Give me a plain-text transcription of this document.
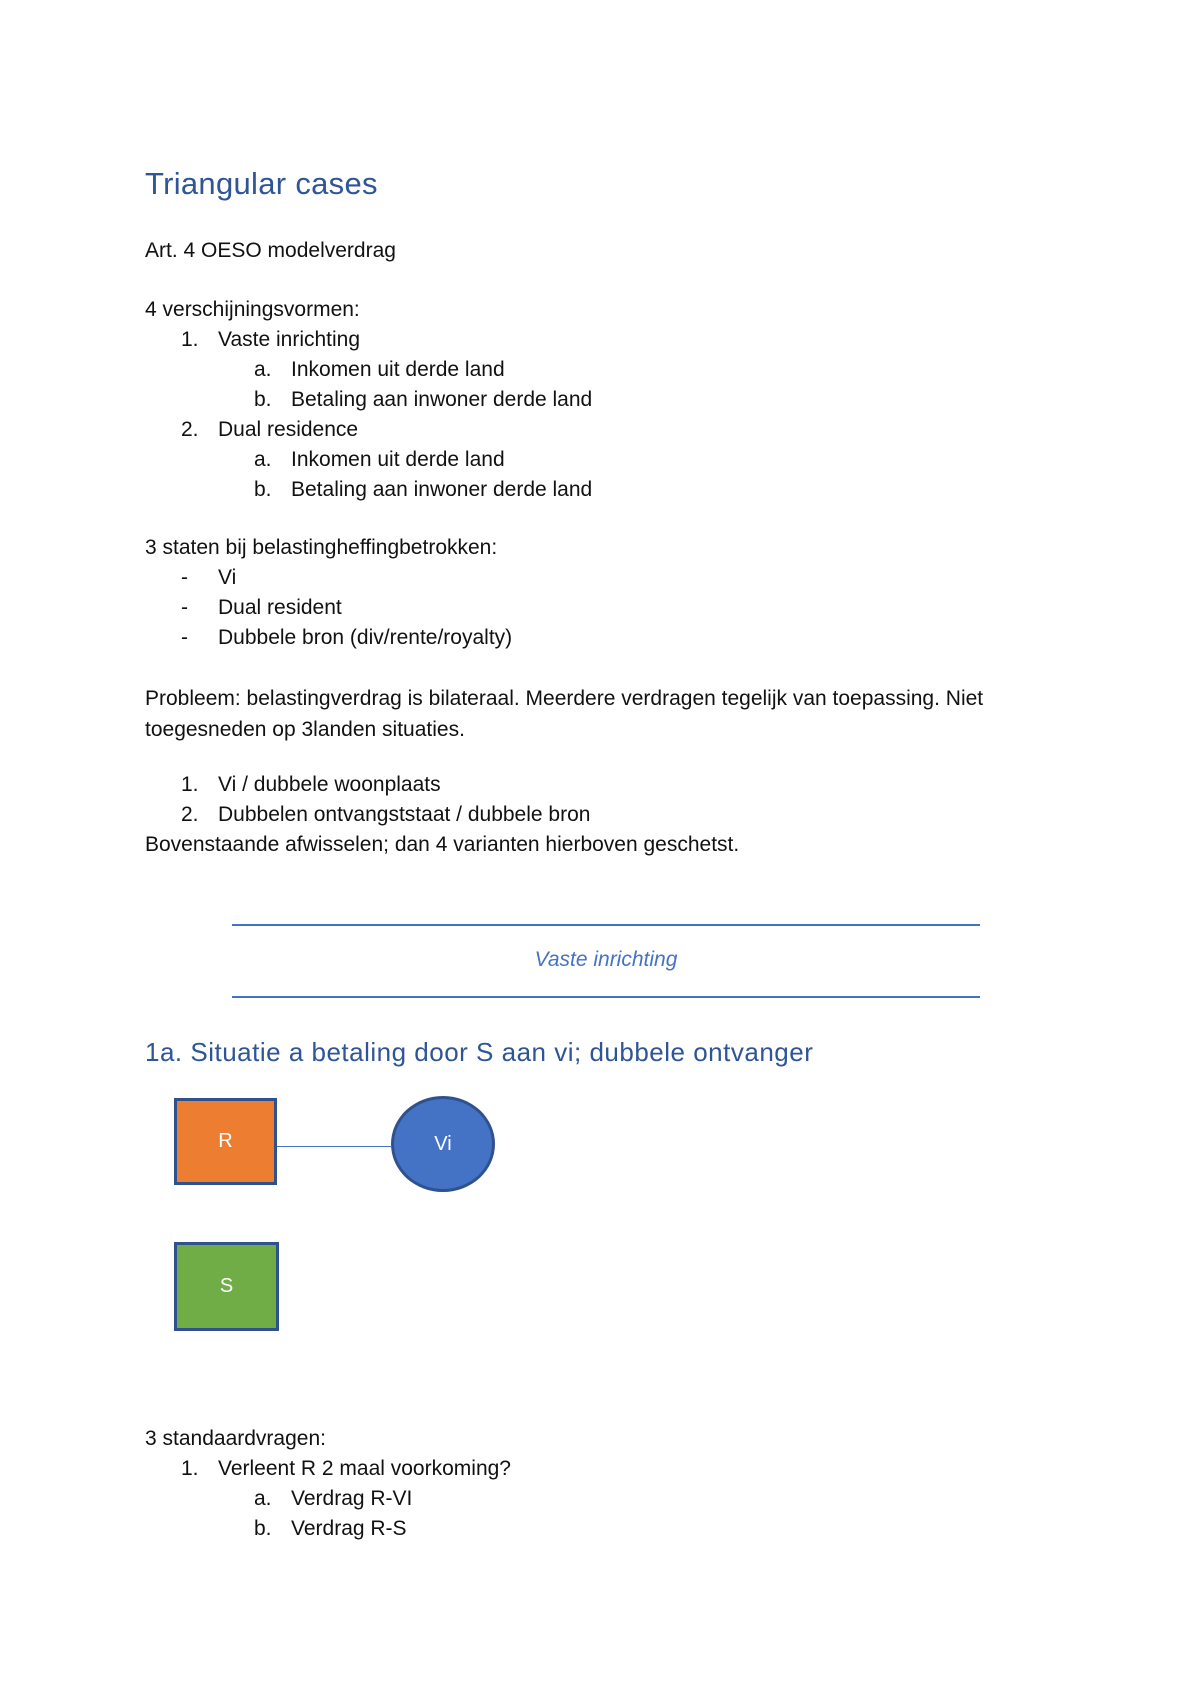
Triangular cases

Art. 4 OESO modelverdrag

4 verschijningsvormen:

1. Vaste inrichting
a. Inkomen uit derde land
b. Betaling aan inwoner derde land
2. Dual residence
a. Inkomen uit derde land
b. Betaling aan inwoner derde land

3 staten bij belastingheffingbetrokken:

-	Vi
-	Dual resident
-	Dubbele bron (div/rente/royalty)

Probleem: belastingverdrag is bilateraal. Meerdere verdragen tegelijk van toepassing. Niet toegesneden op 3landen situaties.

1. Vi / dubbele woonplaats
2. Dubbelen ontvangststaat / dubbele bron

Bovenstaande afwisselen; dan 4 varianten hierboven geschetst.

Vaste inrichting
1a. Situatie a betaling door S aan vi; dubbele ontvanger
R	Vi
S

3 standaardvragen:

1. Verleent R 2 maal voorkoming?
a. Verdrag R-VI
b. Verdrag R-S
